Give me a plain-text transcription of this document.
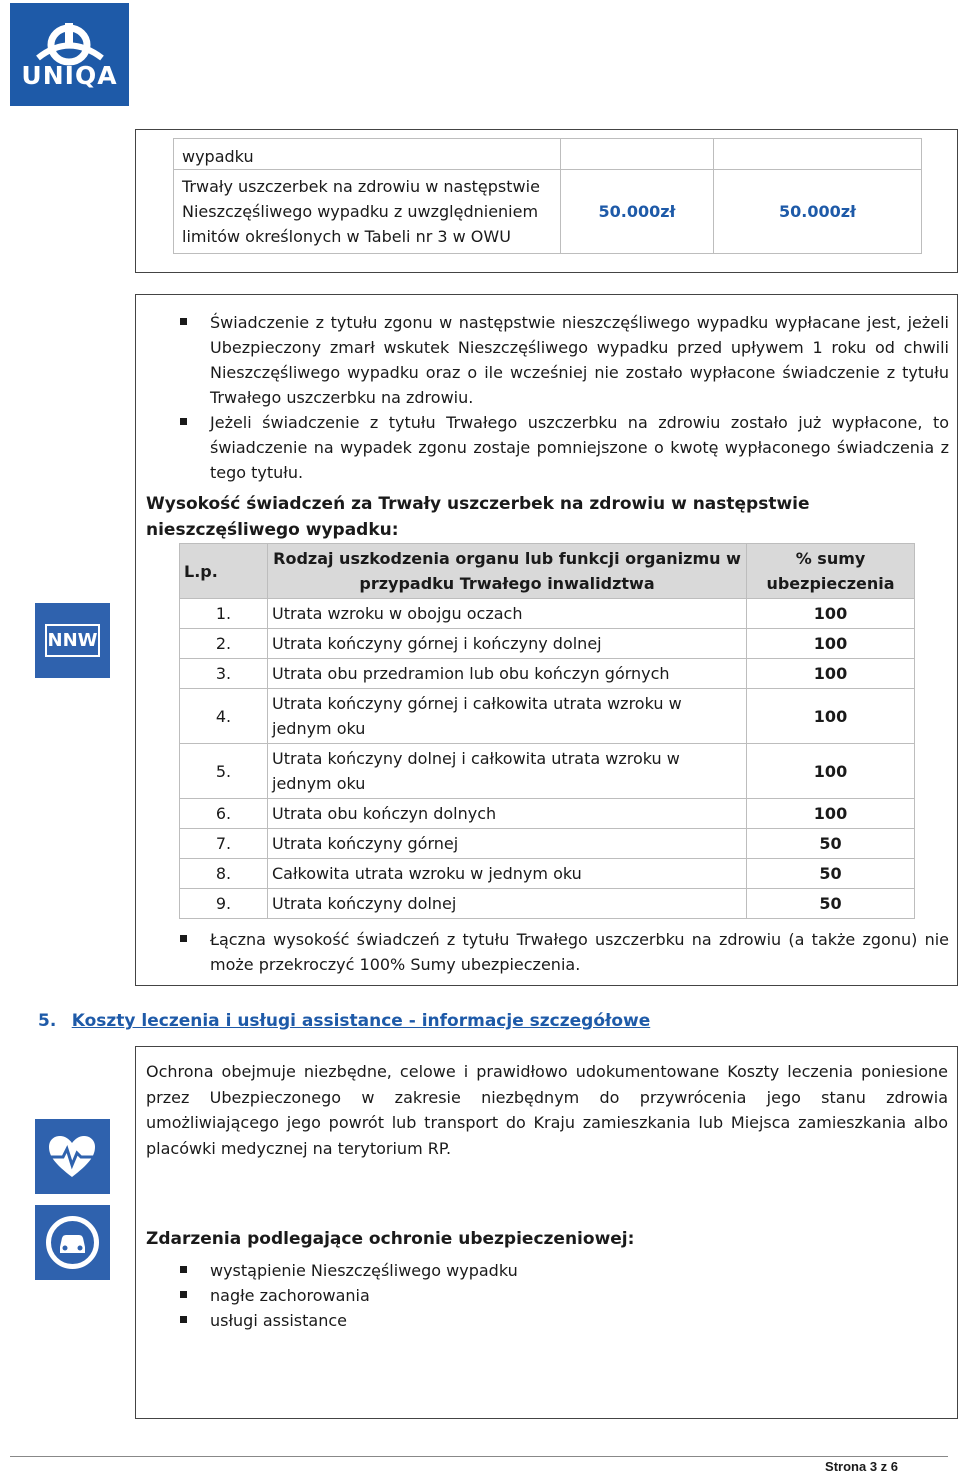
UNIQA
wypadku		

Trwały uszczerbek na zdrowiu w następstwie
Nieszczęśliwego wypadku z uwzględnieniem
limitów określonych w Tabeli nr 3 w OWU	50.000zł	50.000zł
NNW
Świadczenie z tytułu zgonu w następstwie nieszczęśliwego wypadku wypłacane jest, jeżeli Ubezpieczony zmarł wskutek Nieszczęśliwego wypadku przed upływem 1 roku od chwili Nieszczęśliwego wypadku oraz o ile wcześniej nie zostało wypłacone świadczenie z tytułu Trwałego uszczerbku na zdrowiu.
Jeżeli świadczenie z tytułu Trwałego uszczerbku na zdrowiu zostało już wypłacone, to świadczenie na wypadek zgonu zostaje pomniejszone o kwotę wypłaconego świadczenia z tego tytułu.
Wysokość świadczeń za Trwały uszczerbek na zdrowiu w następstwie nieszczęśliwego wypadku:
L.p.	Rodzaj uszkodzenia organu lub funkcji organizmu w przypadku Trwałego inwalidztwa	% sumy ubezpieczenia
1.	Utrata wzroku w obojgu oczach	100
2.	Utrata kończyny górnej i kończyny dolnej	100
3.	Utrata obu przedramion lub obu kończyn górnych	100
4.	Utrata kończyny górnej i całkowita utrata wzroku w jednym oku	100
5.	Utrata kończyny dolnej i całkowita utrata wzroku w jednym oku	100
6.	Utrata obu kończyn dolnych	100
7.	Utrata kończyny górnej	50
8.	Całkowita utrata wzroku w jednym oku	50
9.	Utrata kończyny dolnej	50
Łączna wysokość świadczeń z tytułu Trwałego uszczerbku na zdrowiu (a także zgonu) nie może przekroczyć 100% Sumy ubezpieczenia.
5. Koszty leczenia i usługi assistance - informacje szczegółowe
Ochrona obejmuje niezbędne, celowe i prawidłowo udokumentowane Koszty leczenia poniesione przez Ubezpieczonego w zakresie niezbędnym do przywrócenia jego stanu zdrowia umożliwiającego jego powrót lub transport do Kraju zamieszkania lub Miejsca zamieszkania albo placówki medycznej na terytorium RP.
Zdarzenia podlegające ochronie ubezpieczeniowej:
wystąpienie Nieszczęśliwego wypadku
nagłe zachorowania
usługi assistance
Strona 3 z 6
